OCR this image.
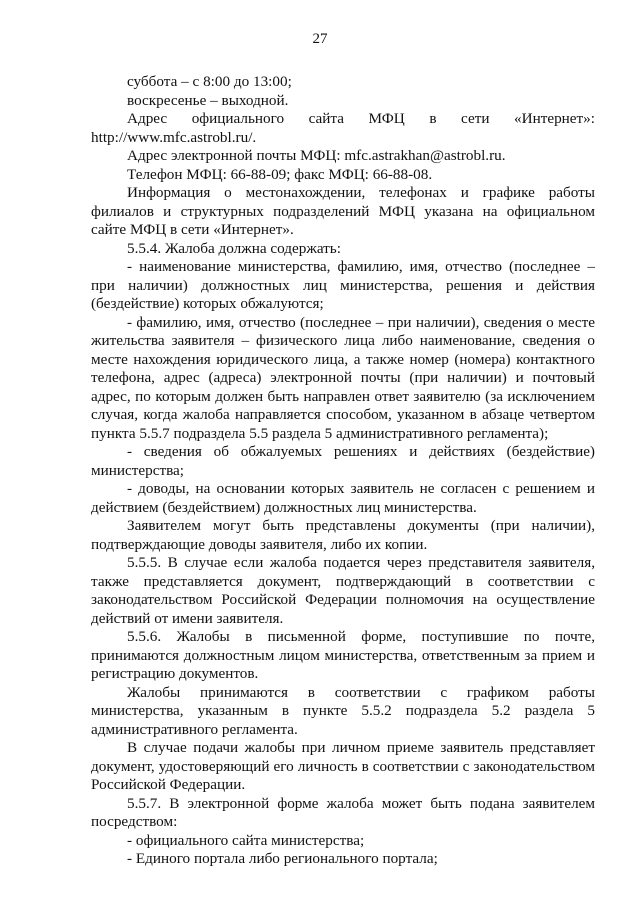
27

суббота – с 8:00 до 13:00;

воскресенье – выходной.

Адрес официального сайта МФЦ в сети «Интернет»:

http://www.mfc.astrobl.ru/.

Адрес электронной почты МФЦ: mfc.astrakhan@astrobl.ru.

Телефон МФЦ: 66-88-09; факс МФЦ: 66-88-08.

Информация о местонахождении, телефонах и графике работы филиалов и структурных подразделений МФЦ указана на официальном сайте МФЦ в сети «Интернет».

5.5.4. Жалоба должна содержать:

- наименование министерства, фамилию, имя, отчество (последнее – при наличии) должностных лиц министерства, решения и действия (бездействие) которых обжалуются;

- фамилию, имя, отчество (последнее – при наличии), сведения о месте жительства заявителя – физического лица либо наименование, сведения о месте нахождения юридического лица, а также номер (номера) контактного телефона, адрес (адреса) электронной почты (при наличии) и почтовый адрес, по которым должен быть направлен ответ заявителю (за исключением случая, когда жалоба направляется способом, указанном в абзаце четвертом пункта 5.5.7 подраздела 5.5 раздела 5 административного регламента);

- сведения об обжалуемых решениях и действиях (бездействие) министерства;

- доводы, на основании которых заявитель не согласен с решением и действием (бездействием) должностных лиц министерства.

Заявителем могут быть представлены документы (при наличии), подтверждающие доводы заявителя, либо их копии.

5.5.5. В случае если жалоба подается через представителя заявителя, также представляется документ, подтверждающий в соответствии с законодательством Российской Федерации полномочия на осуществление действий от имени заявителя.

5.5.6. Жалобы в письменной форме, поступившие по почте, принимаются должностным лицом министерства, ответственным за прием и регистрацию документов.

Жалобы принимаются в соответствии с графиком работы министерства, указанным в пункте 5.5.2 подраздела 5.2 раздела 5 административного регламента.

В случае подачи жалобы при личном приеме заявитель представляет документ, удостоверяющий его личность в соответствии с законодательством Российской Федерации.

5.5.7. В электронной форме жалоба может быть подана заявителем посредством:

- официального сайта министерства;

- Единого портала либо регионального портала;
